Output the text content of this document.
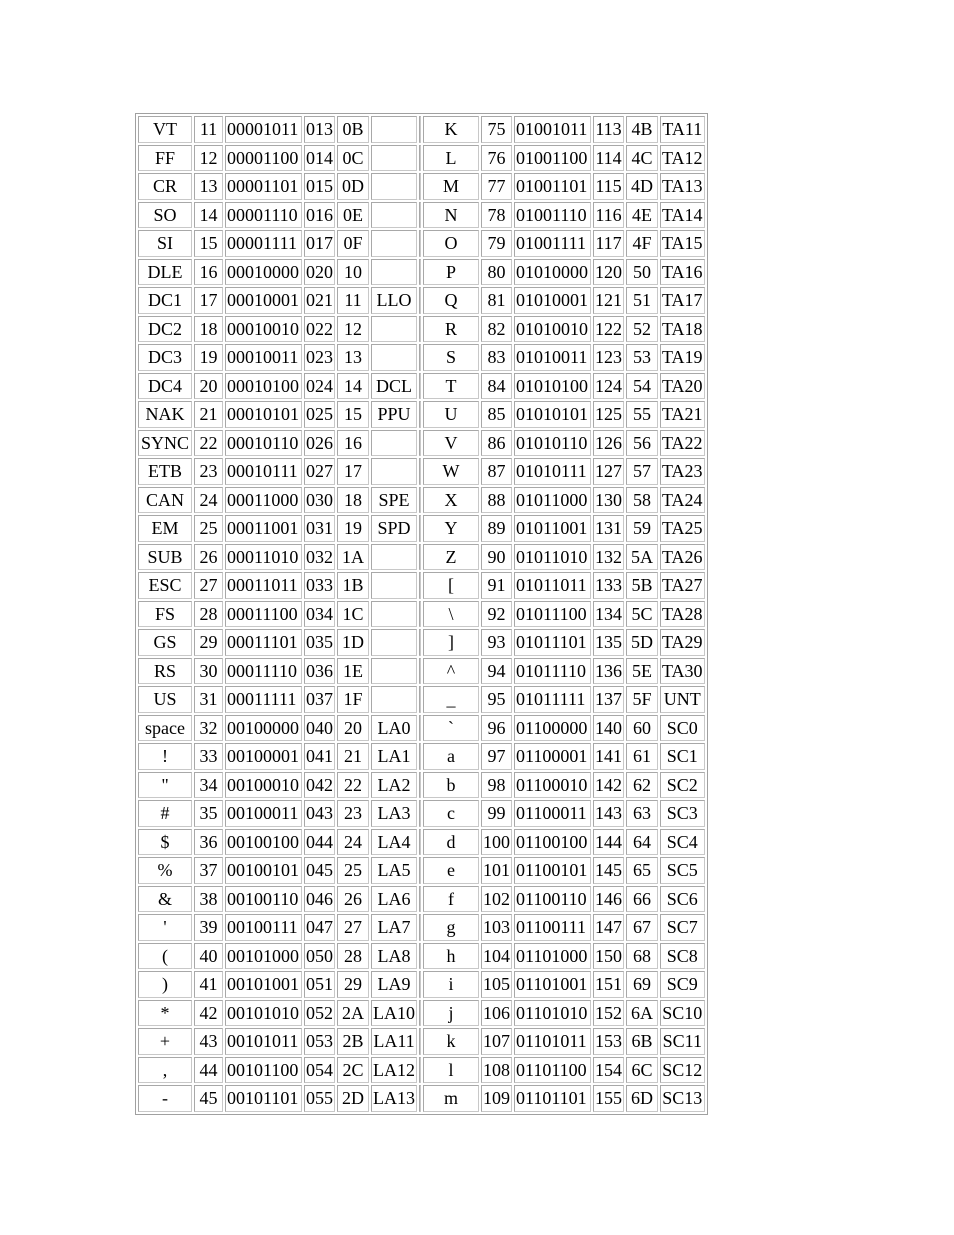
VT	11	00001011	013	0B			K	75	01001011	113	4B	TA11
FF	12	00001100	014	0C			L	76	01001100	114	4C	TA12
CR	13	00001101	015	0D			M	77	01001101	115	4D	TA13
SO	14	00001110	016	0E			N	78	01001110	116	4E	TA14
SI	15	00001111	017	0F			O	79	01001111	117	4F	TA15
DLE	16	00010000	020	10			P	80	01010000	120	50	TA16
DC1	17	00010001	021	11	LLO		Q	81	01010001	121	51	TA17
DC2	18	00010010	022	12			R	82	01010010	122	52	TA18
DC3	19	00010011	023	13			S	83	01010011	123	53	TA19
DC4	20	00010100	024	14	DCL		T	84	01010100	124	54	TA20
NAK	21	00010101	025	15	PPU		U	85	01010101	125	55	TA21
SYNC	22	00010110	026	16			V	86	01010110	126	56	TA22
ETB	23	00010111	027	17			W	87	01010111	127	57	TA23
CAN	24	00011000	030	18	SPE		X	88	01011000	130	58	TA24
EM	25	00011001	031	19	SPD		Y	89	01011001	131	59	TA25
SUB	26	00011010	032	1A			Z	90	01011010	132	5A	TA26
ESC	27	00011011	033	1B			[	91	01011011	133	5B	TA27
FS	28	00011100	034	1C			\	92	01011100	134	5C	TA28
GS	29	00011101	035	1D			]	93	01011101	135	5D	TA29
RS	30	00011110	036	1E			^	94	01011110	136	5E	TA30
US	31	00011111	037	1F			_	95	01011111	137	5F	UNT
space	32	00100000	040	20	LA0		`	96	01100000	140	60	SC0
!	33	00100001	041	21	LA1		a	97	01100001	141	61	SC1
"	34	00100010	042	22	LA2		b	98	01100010	142	62	SC2
#	35	00100011	043	23	LA3		c	99	01100011	143	63	SC3
$	36	00100100	044	24	LA4		d	100	01100100	144	64	SC4
%	37	00100101	045	25	LA5		e	101	01100101	145	65	SC5
&	38	00100110	046	26	LA6		f	102	01100110	146	66	SC6
'	39	00100111	047	27	LA7		g	103	01100111	147	67	SC7
(	40	00101000	050	28	LA8		h	104	01101000	150	68	SC8
)	41	00101001	051	29	LA9		i	105	01101001	151	69	SC9
*	42	00101010	052	2A	LA10		j	106	01101010	152	6A	SC10
+	43	00101011	053	2B	LA11		k	107	01101011	153	6B	SC11
,	44	00101100	054	2C	LA12		l	108	01101100	154	6C	SC12
-	45	00101101	055	2D	LA13		m	109	01101101	155	6D	SC13
